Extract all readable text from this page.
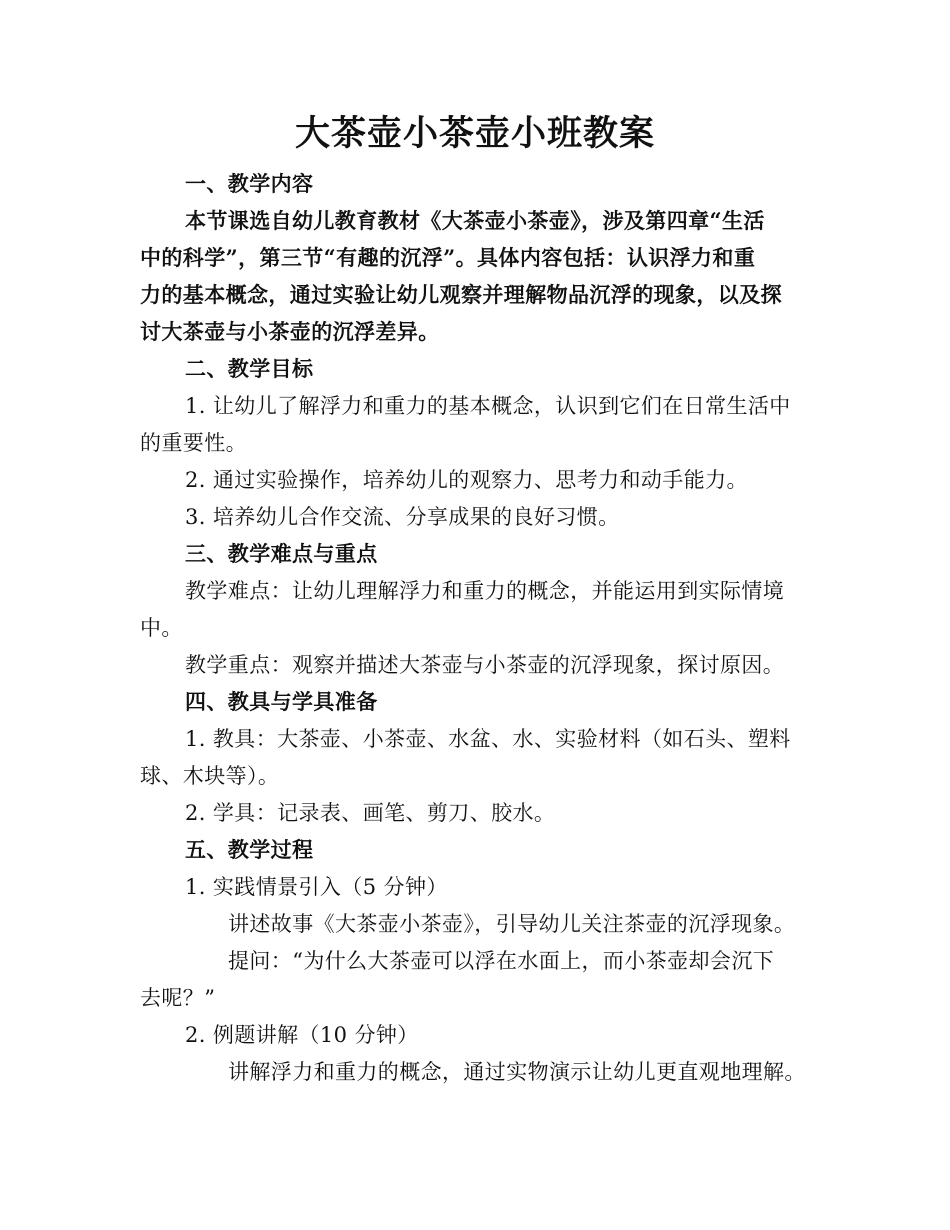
大茶壶小茶壶小班教案
一、教学内容
本节课选自幼儿教育教材《大茶壶小茶壶》，涉及第四章“生活
中的科学”，第三节“有趣的沉浮”。具体内容包括：认识浮力和重
力的基本概念，通过实验让幼儿观察并理解物品沉浮的现象，以及探
讨大茶壶与小茶壶的沉浮差异。
二、教学目标
1. 让幼儿了解浮力和重力的基本概念，认识到它们在日常生活中
的重要性。
2. 通过实验操作，培养幼儿的观察力、思考力和动手能力。
3. 培养幼儿合作交流、分享成果的良好习惯。
三、教学难点与重点
教学难点：让幼儿理解浮力和重力的概念，并能运用到实际情境
中。
教学重点：观察并描述大茶壶与小茶壶的沉浮现象，探讨原因。
四、教具与学具准备
1. 教具：大茶壶、小茶壶、水盆、水、实验材料（如石头、塑料
球、木块等）。
2. 学具：记录表、画笔、剪刀、胶水。
五、教学过程
1. 实践情景引入（5 分钟）
讲述故事《大茶壶小茶壶》，引导幼儿关注茶壶的沉浮现象。
提问：“为什么大茶壶可以浮在水面上，而小茶壶却会沉下
去呢？”
2. 例题讲解（10 分钟）
讲解浮力和重力的概念，通过实物演示让幼儿更直观地理解。
